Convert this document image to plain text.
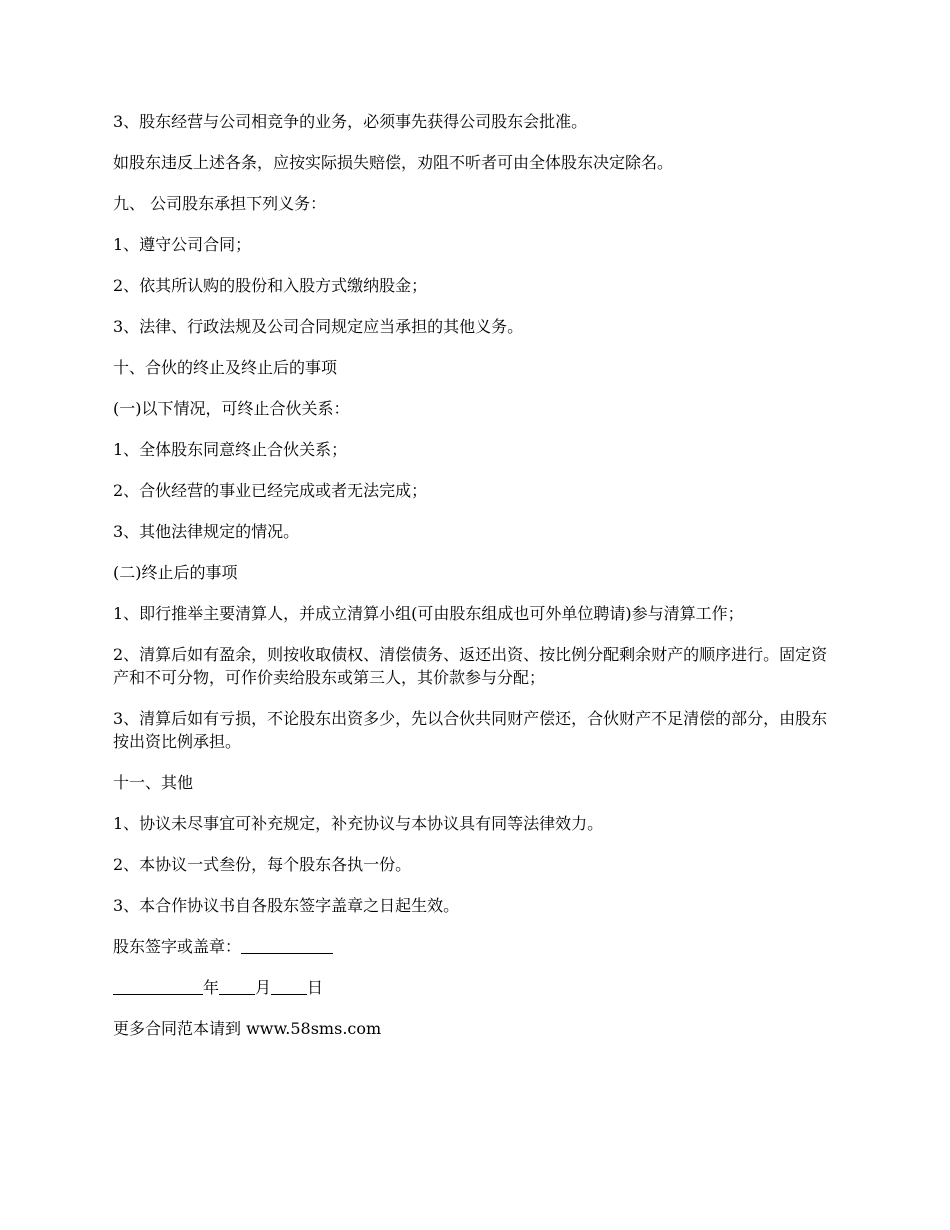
3、股东经营与公司相竞争的业务，必须事先获得公司股东会批准。

如股东违反上述各条，应按实际损失赔偿，劝阻不听者可由全体股东决定除名。

九、 公司股东承担下列义务：

1、遵守公司合同；

2、依其所认购的股份和入股方式缴纳股金；

3、法律、行政法规及公司合同规定应当承担的其他义务。

十、合伙的终止及终止后的事项

(一)以下情况，可终止合伙关系：

1、全体股东同意终止合伙关系；

2、合伙经营的事业已经完成或者无法完成；

3、其他法律规定的情况。

(二)终止后的事项

1、即行推举主要清算人，并成立清算小组(可由股东组成也可外单位聘请)参与清算工作；

2、清算后如有盈余，则按收取债权、清偿债务、返还出资、按比例分配剩余财产的顺序进行。固定资产和不可分物，可作价卖给股东或第三人，其价款参与分配；

3、清算后如有亏损，不论股东出资多少，先以合伙共同财产偿还，合伙财产不足清偿的部分，由股东按出资比例承担。

十一、其他

1、协议未尽事宜可补充规定，补充协议与本协议具有同等法律效力。

2、本协议一式叁份，每个股东各执一份。

3、本合作协议书自各股东签字盖章之日起生效。

股东签字或盖章：

年 月 日

更多合同范本请到 www.58sms.com
